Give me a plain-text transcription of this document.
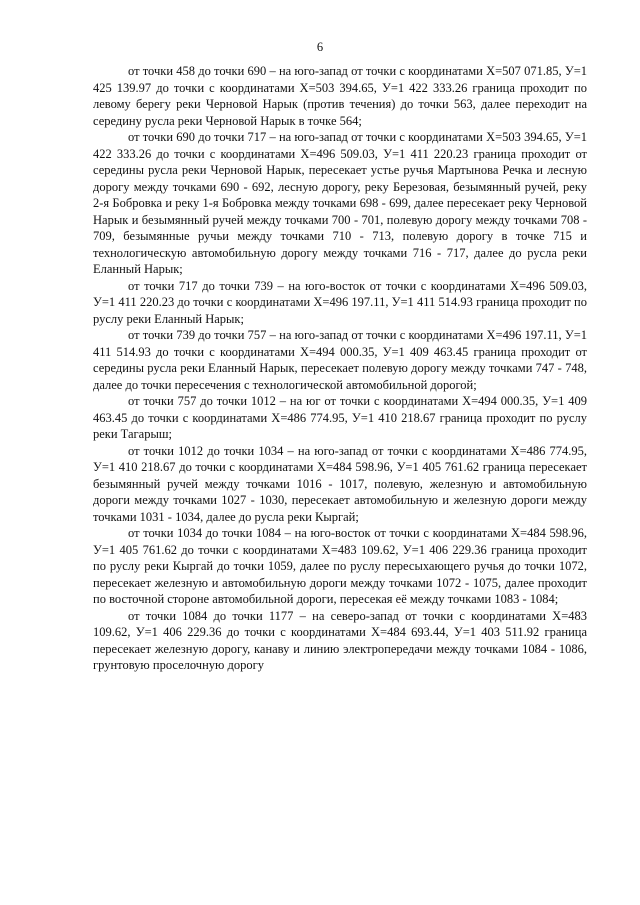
6

от точки 458 до точки 690 – на юго-запад от точки с координатами Х=507 071.85, У=1 425 139.97 до точки с координатами Х=503 394.65, У=1 422 333.26 граница проходит по левому берегу реки Черновой Нарык (против течения) до точки 563, далее переходит на середину русла реки Черновой Нарык в точке 564;

от точки 690 до точки 717 – на юго-запад от точки с координатами Х=503 394.65, У=1 422 333.26 до точки с координатами Х=496 509.03, У=1 411 220.23 граница проходит от середины русла реки Черновой Нарык, пересекает устье ручья Мартынова Речка и лесную дорогу между точками 690 - 692, лесную дорогу, реку Березовая, безымянный ручей, реку 2-я Бобровка и реку 1-я Бобровка между точками 698 - 699, далее пересекает реку Черновой Нарык и безымянный ручей между точками 700 - 701, полевую дорогу между точками 708 - 709, безымянные ручьи между точками 710 - 713, полевую дорогу в точке 715 и технологическую автомобильную дорогу между точками 716 - 717, далее до русла реки Еланный Нарык;

от точки 717 до точки 739 – на юго-восток от точки с координатами Х=496 509.03, У=1 411 220.23 до точки с координатами Х=496 197.11, У=1 411 514.93 граница проходит по руслу реки Еланный Нарык;

от точки 739 до точки 757 – на юго-запад от точки с координатами Х=496 197.11, У=1 411 514.93 до точки с координатами Х=494 000.35, У=1 409 463.45 граница проходит от середины русла реки Еланный Нарык, пересекает полевую дорогу между точками 747 - 748, далее до точки пересечения с технологической автомобильной дорогой;

от точки 757 до точки 1012 – на юг от точки с координатами Х=494 000.35, У=1 409 463.45 до точки с координатами Х=486 774.95, У=1 410 218.67 граница проходит по руслу реки Тагарыш;

от точки 1012 до точки 1034 – на юго-запад от точки с координатами Х=486 774.95, У=1 410 218.67 до точки с координатами Х=484 598.96, У=1 405 761.62 граница пересекает безымянный ручей между точками 1016 - 1017, полевую, железную и автомобильную дороги между точками 1027 - 1030, пересекает автомобильную и железную дороги между точками 1031 - 1034, далее до русла реки Кыргай;

от точки 1034 до точки 1084 – на юго-восток от точки с координатами Х=484 598.96, У=1 405 761.62 до точки с координатами Х=483 109.62, У=1 406 229.36 граница проходит по руслу реки Кыргай до точки 1059, далее по руслу пересыхающего ручья до точки 1072, пересекает железную и автомобильную дороги между точками 1072 - 1075, далее проходит по восточной стороне автомобильной дороги, пересекая её между точками 1083 - 1084;

от точки 1084 до точки 1177 – на северо-запад от точки с координатами Х=483 109.62, У=1 406 229.36 до точки с координатами Х=484 693.44, У=1 403 511.92 граница пересекает железную дорогу, канаву и линию электропередачи между точками 1084 - 1086, грунтовую проселочную дорогу
